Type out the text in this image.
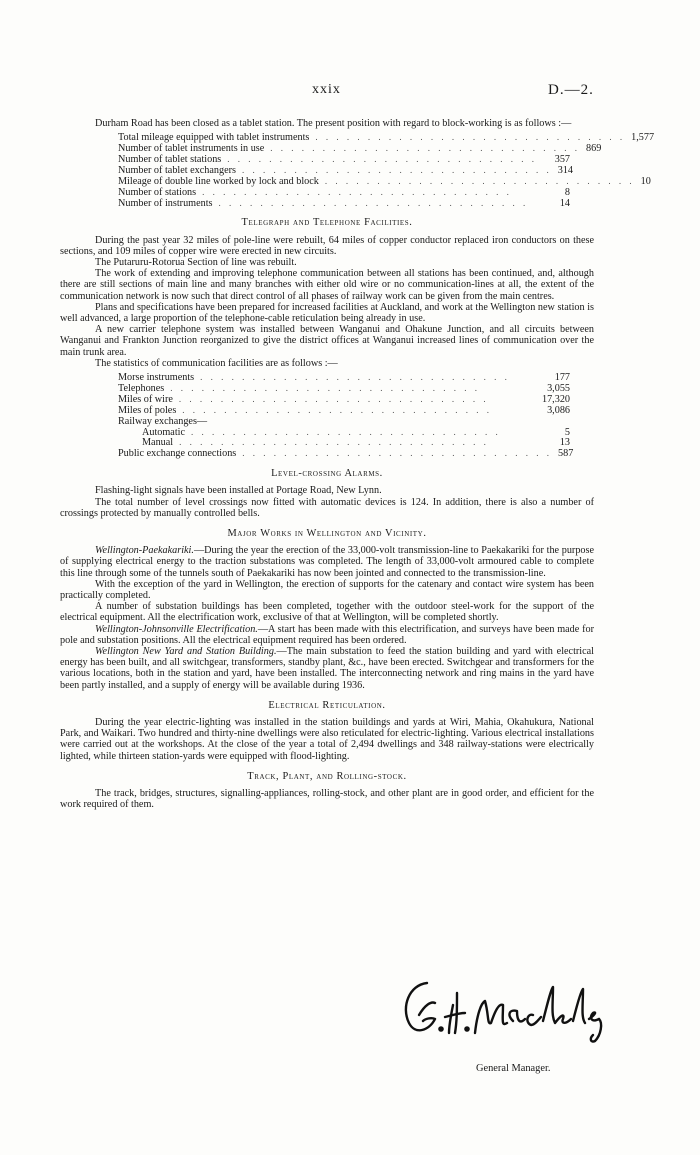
xxix	D.—2.

Durham Road has been closed as a tablet station. The present position with regard to block-working is as follows :—

Total mileage equipped with tablet instruments . . . . . . . . . . . . . . . . . . . . . . . . . . . . . . 1,577
Number of tablet instruments in use . . . . . . . . . . . . . . . . . . . . . . . . . . . . . . 869
Number of tablet stations . . . . . . . . . . . . . . . . . . . . . . . . . . . . . .	357
Number of tablet exchangers . . . . . . . . . . . . . . . . . . . . . . . . . . . . . . 314
Mileage of double line worked by lock and block . . . . . . . . . . . . . . . . . . . . . . . . . . . . . . 10
Number of stations . . . . . . . . . . . . . . . . . . . . . . . . . . . . . .	8
Number of instruments . . . . . . . . . . . . . . . . . . . . . . . . . . . . . .	14
Telegraph and Telephone Facilities.

During the past year 32 miles of pole-line were rebuilt, 64 miles of copper conductor replaced iron conductors on these sections, and 109 miles of copper wire were erected in new circuits.

The Putaruru-Rotorua Section of line was rebuilt.

The work of extending and improving telephone communication between all stations has been continued, and, although there are still sections of main line and many branches with either old wire or no communication-lines at all, the extent of the communication network is now such that direct control of all phases of railway work can be given from the main centres.

Plans and specifications have been prepared for increased facilities at Auckland, and work at the Wellington new station is well advanced, a large proportion of the telephone-cable reticulation being already in use.

A new carrier telephone system was installed between Wanganui and Ohakune Junction, and all circuits between Wanganui and Frankton Junction reorganized to give the district offices at Wanganui increased lines of communication over the main trunk area.

The statistics of communication facilities are as follows :—

Morse instruments . . . . . . . . . . . . . . . . . . . . . . . . . . . . . .	177
Telephones . . . . . . . . . . . . . . . . . . . . . . . . . . . . . .	3,055
Miles of wire . . . . . . . . . . . . . . . . . . . . . . . . . . . . . .	17,320
Miles of poles . . . . . . . . . . . . . . . . . . . . . . . . . . . . . .	3,086
Railway exchanges—
Automatic . . . . . . . . . . . . . . . . . . . . . . . . . . . . . .	5
Manual . . . . . . . . . . . . . . . . . . . . . . . . . . . . . .	13
Public exchange connections . . . . . . . . . . . . . . . . . . . . . . . . . . . . . . 587
Level-crossing Alarms.

Flashing-light signals have been installed at Portage Road, New Lynn.

The total number of level crossings now fitted with automatic devices is 124. In addition, there is also a number of crossings protected by manually controlled bells.

Major Works in Wellington and Vicinity.

Wellington-Paekakariki.—During the year the erection of the 33,000-volt transmission-line to Paekakariki for the purpose of supplying electrical energy to the traction substations was completed. The length of 33,000-volt armoured cable to complete this line through some of the tunnels south of Paekakariki has now been jointed and connected to the transmission-line.

With the exception of the yard in Wellington, the erection of supports for the catenary and contact wire system has been practically completed.

A number of substation buildings has been completed, together with the outdoor steel-work for the support of the electrical equipment. All the electrification work, exclusive of that at Wellington, will be completed shortly.

Wellington-Johnsonville Electrification.—A start has been made with this electrification, and surveys have been made for pole and substation positions. All the electrical equipment required has been ordered.

Wellington New Yard and Station Building.—The main substation to feed the station building and yard with electrical energy has been built, and all switchgear, transformers, standby plant, &c., have been erected. Switchgear and transformers for the various locations, both in the station and yard, have been installed. The interconnecting network and ring mains in the yard have been partly installed, and a supply of energy will be available during 1936.

Electrical Reticulation.

During the year electric-lighting was installed in the station buildings and yards at Wiri, Mahia, Okahukura, National Park, and Waikari. Two hundred and thirty-nine dwellings were also reticulated for electric-lighting. Various electrical installations were carried out at the workshops. At the close of the year a total of 2,494 dwellings and 348 railway-stations were electrically lighted, while thirteen station-yards were equipped with flood-lighting.

Track, Plant, and Rolling-stock.

The track, bridges, structures, signalling-appliances, rolling-stock, and other plant are in good order, and efficient for the work required of them.

General Manager.
